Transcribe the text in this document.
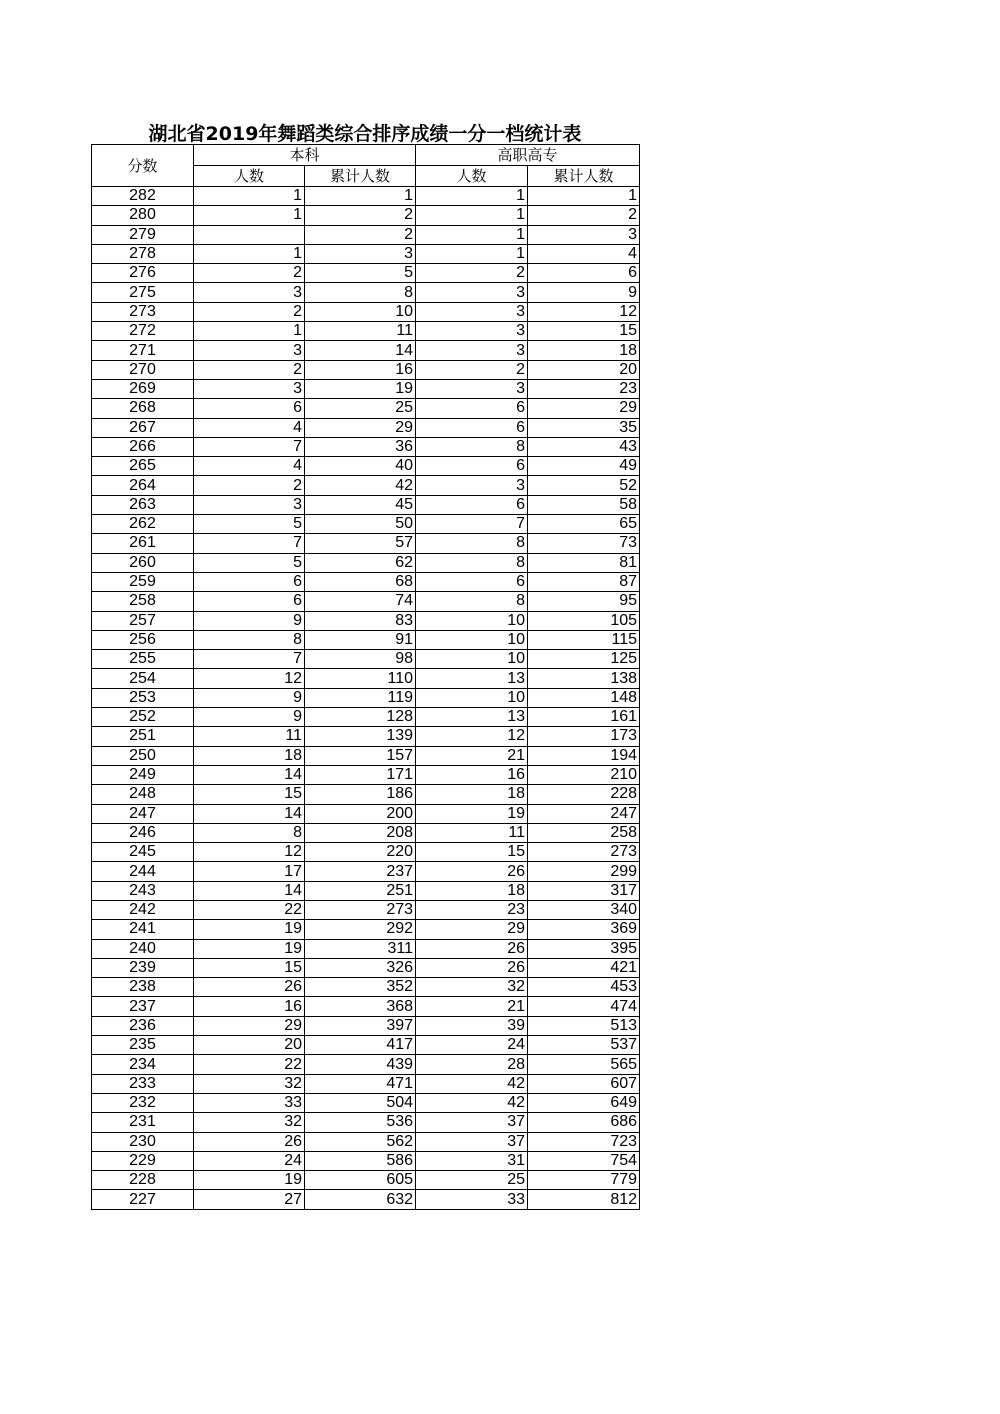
湖北省2019年舞蹈类综合排序成绩一分一档统计表
分数	本科		高职高专	
	人数	累计人数	人数	累计人数
282	1	1	1	1
280	1	2	1	2
279		2	1	3
278	1	3	1	4
276	2	5	2	6
275	3	8	3	9
273	2	10	3	12
272	1	11	3	15
271	3	14	3	18
270	2	16	2	20
269	3	19	3	23
268	6	25	6	29
267	4	29	6	35
266	7	36	8	43
265	4	40	6	49
264	2	42	3	52
263	3	45	6	58
262	5	50	7	65
261	7	57	8	73
260	5	62	8	81
259	6	68	6	87
258	6	74	8	95
257	9	83	10	105
256	8	91	10	115
255	7	98	10	125
254	12	110	13	138
253	9	119	10	148
252	9	128	13	161
251	11	139	12	173
250	18	157	21	194
249	14	171	16	210
248	15	186	18	228
247	14	200	19	247
246	8	208	11	258
245	12	220	15	273
244	17	237	26	299
243	14	251	18	317
242	22	273	23	340
241	19	292	29	369
240	19	311	26	395
239	15	326	26	421
238	26	352	32	453
237	16	368	21	474
236	29	397	39	513
235	20	417	24	537
234	22	439	28	565
233	32	471	42	607
232	33	504	42	649
231	32	536	37	686
230	26	562	37	723
229	24	586	31	754
228	19	605	25	779
227	27	632	33	812
